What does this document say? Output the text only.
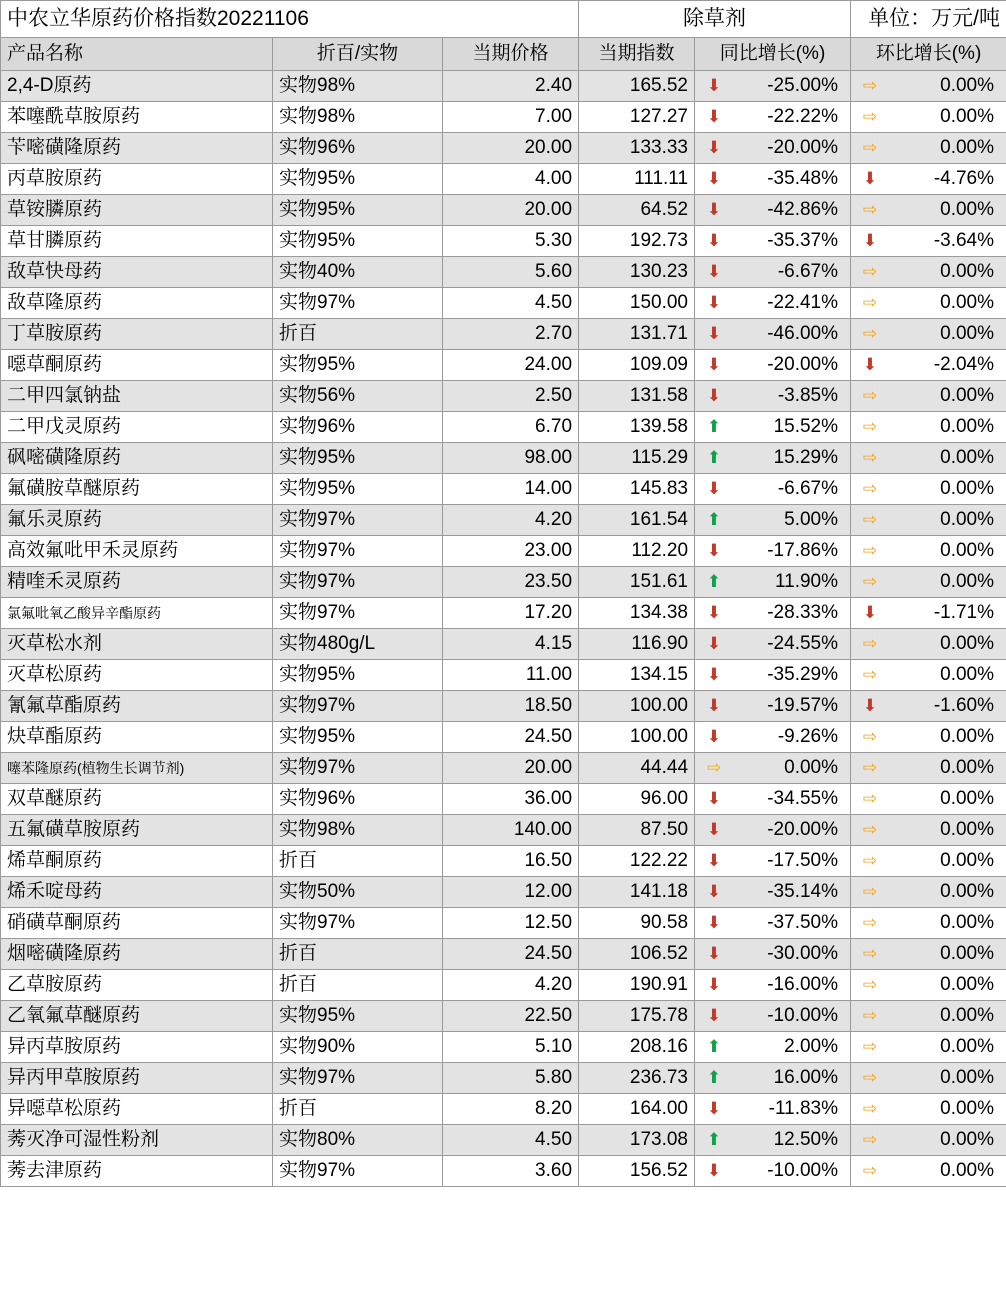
中农立华原药价格指数20221106			除草剂		单位：万元/吨
产品名称	折百/实物	当期价格	当期指数	同比增长(%)	环比增长(%)
2,4-D原药	实物98%	2.40	165.52	⬇ -25.00%	⇨ 0.00%

苯噻酰草胺原药	实物98%	7.00	127.27	⬇ -22.22%	⇨ 0.00%

苄嘧磺隆原药	实物96%	20.00	133.33	⬇ -20.00%	⇨ 0.00%

丙草胺原药	实物95%	4.00	111.11	⬇ -35.48%	⬇ -4.76%

草铵膦原药	实物95%	20.00	64.52	⬇ -42.86%	⇨ 0.00%

草甘膦原药	实物95%	5.30	192.73	⬇ -35.37%	⬇ -3.64%

敌草快母药	实物40%	5.60	130.23	⬇ -6.67%	⇨ 0.00%

敌草隆原药	实物97%	4.50	150.00	⬇ -22.41%	⇨ 0.00%

丁草胺原药	折百	2.70	131.71	⬇ -46.00%	⇨ 0.00%

噁草酮原药	实物95%	24.00	109.09	⬇ -20.00%	⬇ -2.04%

二甲四氯钠盐	实物56%	2.50	131.58	⬇ -3.85%	⇨ 0.00%

二甲戊灵原药	实物96%	6.70	139.58	⬆ 15.52%	⇨ 0.00%

砜嘧磺隆原药	实物95%	98.00	115.29	⬆ 15.29%	⇨ 0.00%

氟磺胺草醚原药	实物95%	14.00	145.83	⬇ -6.67%	⇨ 0.00%

氟乐灵原药	实物97%	4.20	161.54	⬆ 5.00%	⇨ 0.00%

高效氟吡甲禾灵原药	实物97%	23.00	112.20	⬇ -17.86%	⇨ 0.00%

精喹禾灵原药	实物97%	23.50	151.61	⬆ 11.90%	⇨ 0.00%

氯氟吡氧乙酸异辛酯原药	实物97%	17.20	134.38	⬇ -28.33%	⬇ -1.71%

灭草松水剂	实物480g/L	4.15	116.90	⬇ -24.55%	⇨ 0.00%

灭草松原药	实物95%	11.00	134.15	⬇ -35.29%	⇨ 0.00%

氰氟草酯原药	实物97%	18.50	100.00	⬇ -19.57%	⬇ -1.60%

炔草酯原药	实物95%	24.50	100.00	⬇ -9.26%	⇨ 0.00%

噻苯隆原药(植物生长调节剂)	实物97%	20.00	44.44	⇨ 0.00%	⇨ 0.00%

双草醚原药	实物96%	36.00	96.00	⬇ -34.55%	⇨ 0.00%

五氟磺草胺原药	实物98%	140.00	87.50	⬇ -20.00%	⇨ 0.00%

烯草酮原药	折百	16.50	122.22	⬇ -17.50%	⇨ 0.00%

烯禾啶母药	实物50%	12.00	141.18	⬇ -35.14%	⇨ 0.00%

硝磺草酮原药	实物97%	12.50	90.58	⬇ -37.50%	⇨ 0.00%

烟嘧磺隆原药	折百	24.50	106.52	⬇ -30.00%	⇨ 0.00%

乙草胺原药	折百	4.20	190.91	⬇ -16.00%	⇨ 0.00%

乙氧氟草醚原药	实物95%	22.50	175.78	⬇ -10.00%	⇨ 0.00%

异丙草胺原药	实物90%	5.10	208.16	⬆ 2.00%	⇨ 0.00%

异丙甲草胺原药	实物97%	5.80	236.73	⬆ 16.00%	⇨ 0.00%

异噁草松原药	折百	8.20	164.00	⬇ -11.83%	⇨ 0.00%

莠灭净可湿性粉剂	实物80%	4.50	173.08	⬆ 12.50%	⇨ 0.00%

莠去津原药	实物97%	3.60	156.52	⬇ -10.00%	⇨ 0.00%
